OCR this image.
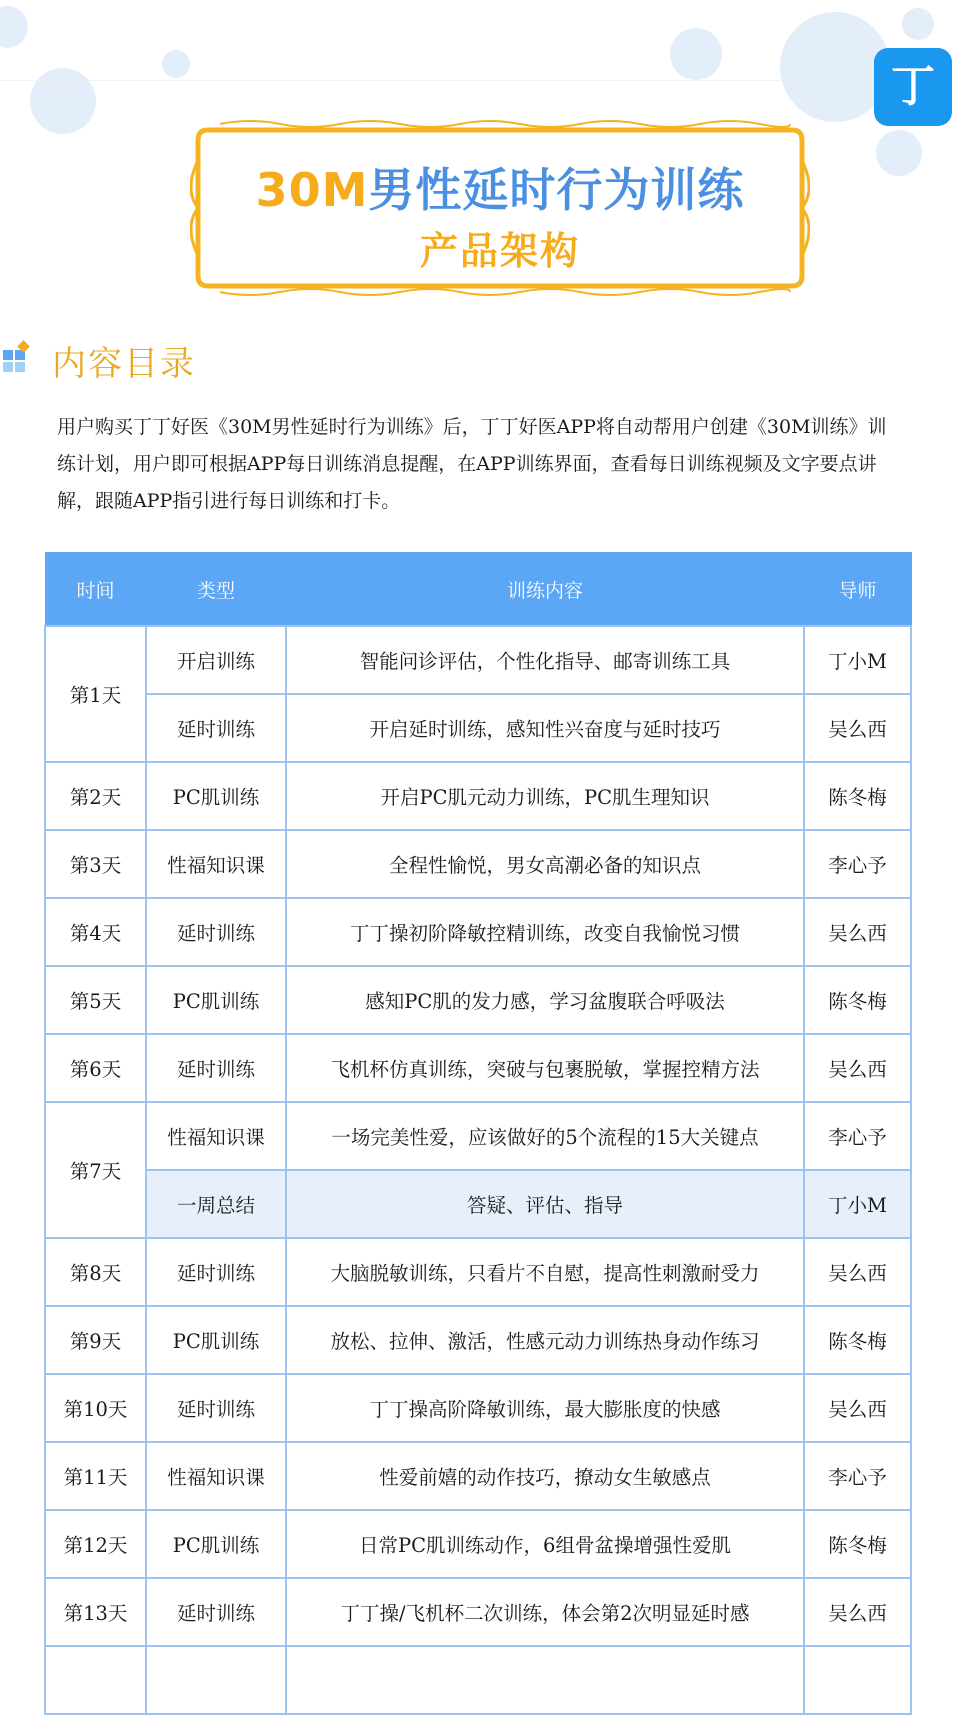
丁
30M男性延时行为训练
产品架构
内容目录

用户购买丁丁好医《30M男性延时行为训练》后，丁丁好医APP将自动帮用户创建《30M训练》训练计划，用户即可根据APP每日训练消息提醒，在APP训练界面，查看每日训练视频及文字要点讲解，跟随APP指引进行每日训练和打卡。

时间	类型	训练内容	导师
第1天	开启训练	智能问诊评估，个性化指导、邮寄训练工具	丁小M
	延时训练	开启延时训练，感知性兴奋度与延时技巧	吴么西
第2天	PC肌训练	开启PC肌元动力训练，PC肌生理知识	陈冬梅
第3天	性福知识课	全程性愉悦，男女高潮必备的知识点	李心予
第4天	延时训练	丁丁操初阶降敏控精训练，改变自我愉悦习惯	吴么西
第5天	PC肌训练	感知PC肌的发力感，学习盆腹联合呼吸法	陈冬梅
第6天	延时训练	飞机杯仿真训练，突破与包裹脱敏，掌握控精方法	吴么西
第7天	性福知识课	一场完美性爱，应该做好的5个流程的15大关键点	李心予
	一周总结	答疑、评估、指导	丁小M
第8天	延时训练	大脑脱敏训练，只看片不自慰，提高性刺激耐受力	吴么西
第9天	PC肌训练	放松、拉伸、激活，性感元动力训练热身动作练习	陈冬梅
第10天	延时训练	丁丁操高阶降敏训练，最大膨胀度的快感	吴么西
第11天	性福知识课	性爱前嬉的动作技巧，撩动女生敏感点	李心予
第12天	PC肌训练	日常PC肌训练动作，6组骨盆操增强性爱肌	陈冬梅
第13天	延时训练	丁丁操/飞机杯二次训练，体会第2次明显延时感	吴么西
